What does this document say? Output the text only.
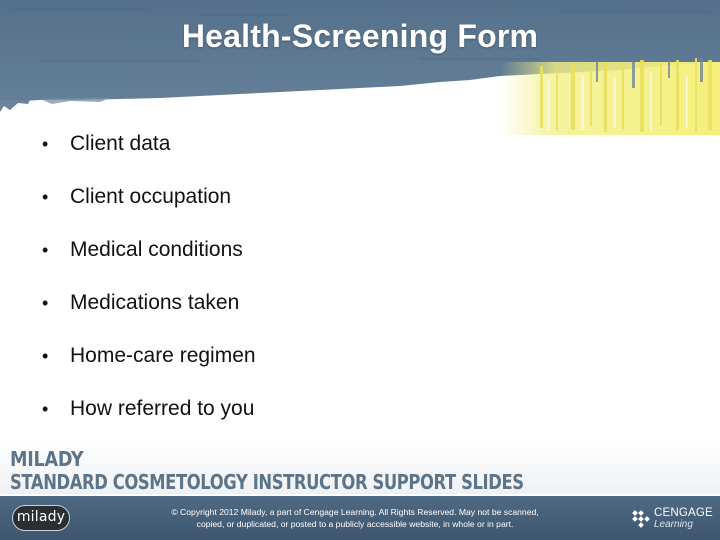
Health-Screening Form
•	Client data
•	Client occupation
•	Medical conditions
•	Medications taken
•	Home-care regimen
•	How referred to you

MILADY

STANDARD COSMETOLOGY INSTRUCTOR SUPPORT SLIDES

milady	© Copyright 2012 Milady, a part of Cengage Learning. All Rights Reserved. May not be scanned,
copied, or duplicated, or posted to a publicly accessible website, in whole or in part.

CENGAGE
Learning
